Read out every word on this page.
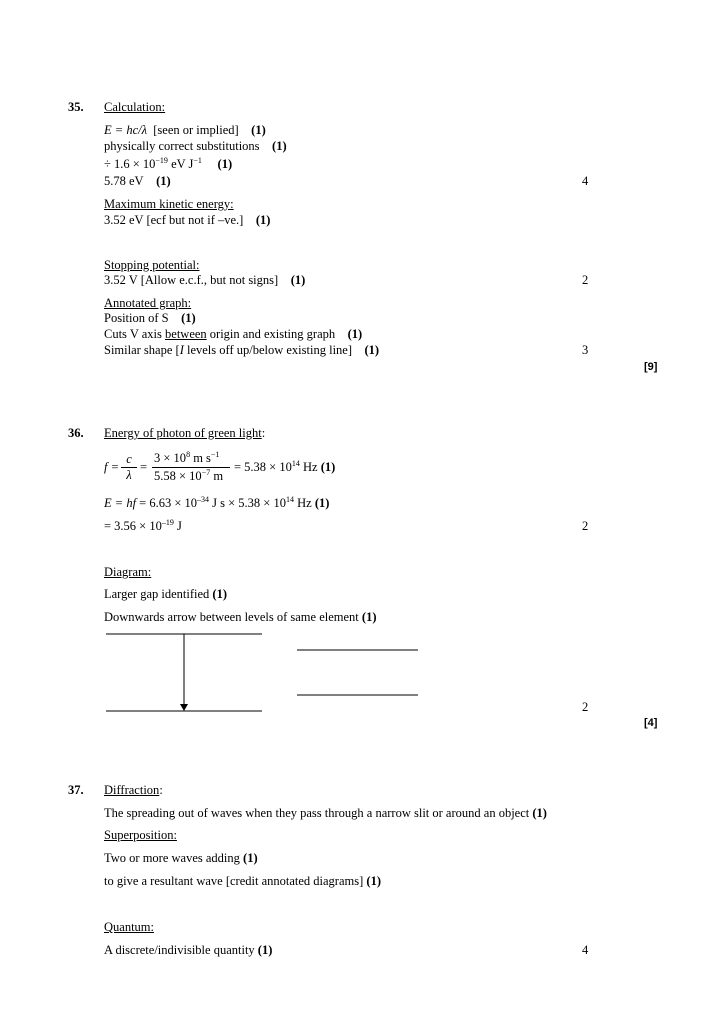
35. Calculation:
E = hc/λ [seen or implied] (1)
physically correct substitutions (1)
÷ $1.6 \times 10^{-19}$ eV $J^{-1}$ (1)
5.78 eV (1)	4
Maximum kinetic energy:
3.52 eV [ecf but not if –ve.] (1)
Stopping potential:
3.52 V [Allow e.c.f., but not signs] (1)	2
Annotated graph:
Position of S (1)
Cuts V axis between origin and existing graph (1)
Similar shape [I levels off up/below existing line] (1)	3
[9]
36. Energy of photon of green light:
f =
c
λ
=
$3 \times 10^8$ m $s^{-1}$
$5.58 \times 10^{-7}$ m
= $5.38 \times 10^{14}$ Hz (1)
E = hf = $6.63 \times 10^{-34}$ J $s \times 5.38 \times 10^{14}$ Hz (1)
= $3.56 \times 10^{-19}$ J	2
Diagram:
Larger gap identified (1)
Downwards arrow between levels of same element (1)
2
[4]
37. Diffraction:
The spreading out of waves when they pass through a narrow slit or around an object (1)
Superposition:
Two or more waves adding (1)
to give a resultant wave [credit annotated diagrams] (1)
Quantum:
A discrete/indivisible quantity (1)	4
